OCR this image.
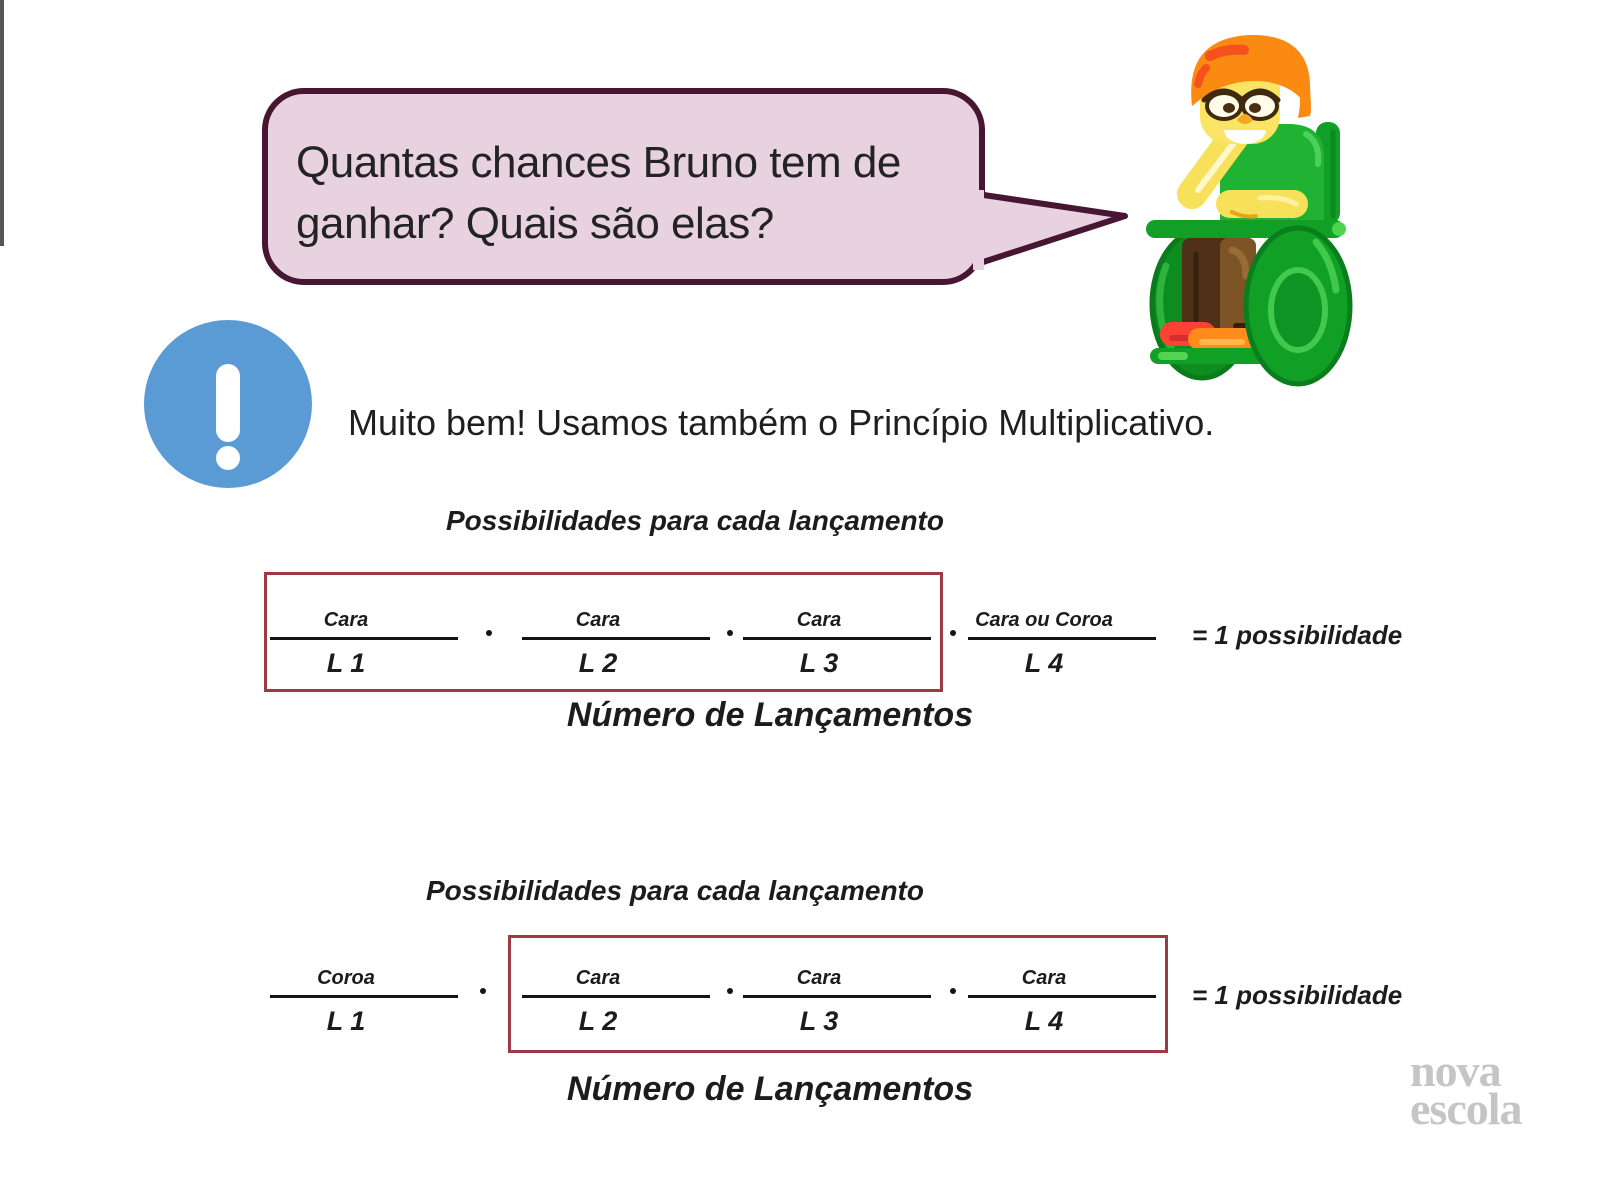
Quantas chances Bruno tem de
ganhar? Quais são elas?
Muito bem! Usamos também o Princípio Multiplicativo.
Possibilidades para cada lançamento
Cara
L 1
Cara
L 2
Cara
L 3
Cara ou Coroa
L 4
= 1 possibilidade
Número de Lançamentos
Possibilidades para cada lançamento
Coroa
L 1
Cara
L 2
Cara
L 3
Cara
L 4
= 1 possibilidade
Número de Lançamentos	nova
escola
